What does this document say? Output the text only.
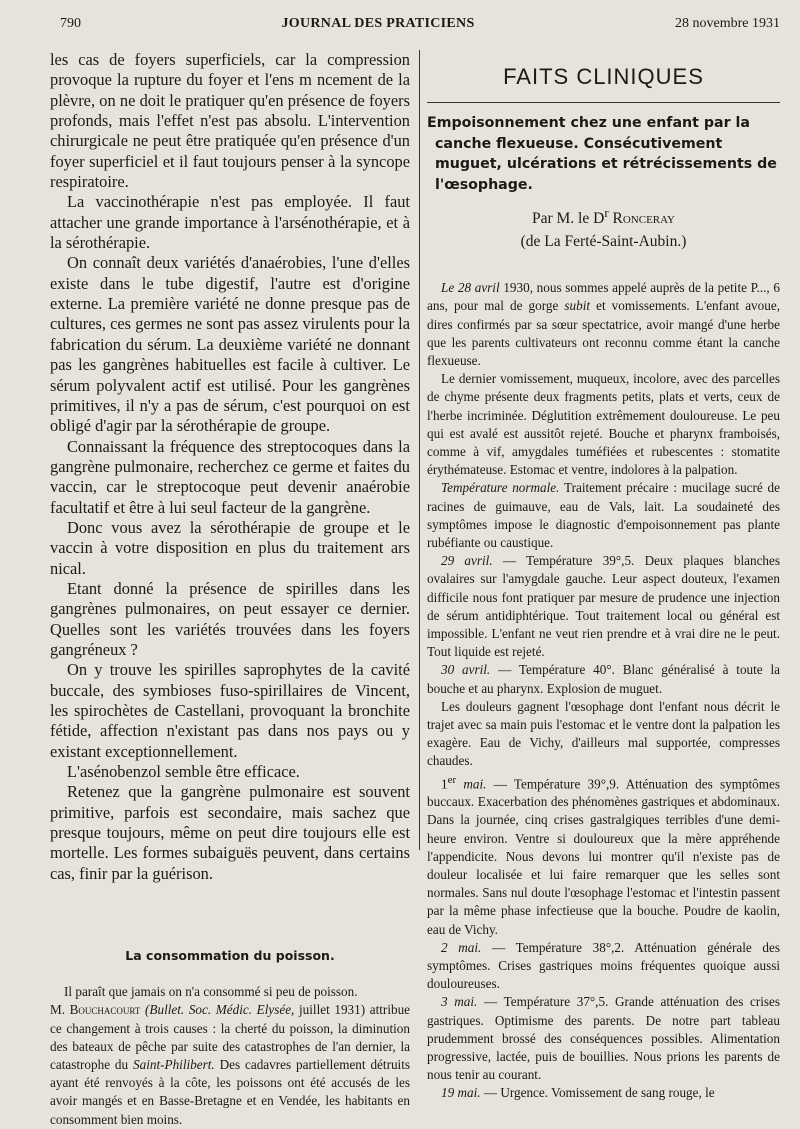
790	JOURNAL DES PRATICIENS	28 novembre 1931
les cas de foyers superficiels, car la compression provoque la rupture du foyer et l'ens m ncement de la plèvre, on ne doit le pratiquer qu'en présence de foyers profonds, mais l'effet n'est pas absolu. L'intervention chirurgicale ne peut être pratiquée qu'en présence d'un foyer superficiel et il faut toujours penser à la syncope respiratoire.
La vaccinothérapie n'est pas employée. Il faut attacher une grande importance à l'arsénothérapie, et à la sérothérapie.
On connaît deux variétés d'anaérobies, l'une d'elles existe dans le tube digestif, l'autre est d'origine externe. La première variété ne donne presque pas de cultures, ces germes ne sont pas assez virulents pour la fabrication du sérum. La deuxième variété ne donnant pas les gangrènes habituelles est facile à cultiver. Le sérum polyvalent actif est utilisé. Pour les gangrènes primitives, il n'y a pas de sérum, c'est pourquoi on est obligé d'agir par la sérothérapie de groupe.
Connaissant la fréquence des streptocoques dans la gangrène pulmonaire, recherchez ce germe et faites du vaccin, car le streptocoque peut devenir anaérobie facultatif et être à lui seul facteur de la gangrène.
Donc vous avez la sérothérapie de groupe et le vaccin à votre disposition en plus du traitement ars nical.
Etant donné la présence de spirilles dans les gangrènes pulmonaires, on peut essayer ce dernier. Quelles sont les variétés trouvées dans les foyers gangréneux ?
On y trouve les spirilles saprophytes de la cavité buccale, des symbioses fuso-spirillaires de Vincent, les spirochètes de Castellani, provoquant la bronchite fétide, affection n'existant pas dans nos pays ou y existant exceptionnellement.
L'asénobenzol semble être efficace.
Retenez que la gangrène pulmonaire est souvent primitive, parfois est secondaire, mais sachez que presque toujours, même on peut dire toujours elle est mortelle. Les formes subaiguës peuvent, dans certains cas, finir par la guérison.
La consommation du poisson.

Il paraît que jamais on n'a consommé si peu de poisson.

M. Bouchacourt (Bullet. Soc. Médic. Elysée, juillet 1931) attribue ce changement à trois causes : la cherté du poisson, la diminution des bateaux de pêche par suite des catastrophes de l'an dernier, la catastrophe du Saint-Philibert. Des cadavres partiellement détruits ayant été renvoyés à la côte, les poissons ont été accusés de les avoir mangés et en Basse-Bretagne et en Vendée, les habitants en consomment bien moins.

FAITS CLINIQUES
Empoisonnement chez une enfant par la canche flexueuse. Consécutivement muguet, ulcérations et rétrécissements de l'œsophage.
Par M. le $D^r$ Ronceray
(de La Ferté-Saint-Aubin.)

Le 28 avril 1930, nous sommes appelé auprès de la petite P..., 6 ans, pour mal de gorge subit et vomissements. L'enfant avoue, dires confirmés par sa sœur spectatrice, avoir mangé d'une herbe que les parents cultivateurs ont reconnu comme étant la canche flexueuse.

Le dernier vomissement, muqueux, incolore, avec des parcelles de chyme présente deux fragments petits, plats et verts, ceux de l'herbe incriminée. Déglutition extrêmement douloureuse. Le peu qui est avalé est aussitôt rejeté. Bouche et pharynx framboisés, comme à vif, amygdales tuméfiées et rubescentes : stomatite érythémateuse. Estomac et ventre, indolores à la palpation.

Température normale. Traitement précaire : mucilage sucré de racines de guimauve, eau de Vals, lait. La soudaineté des symptômes impose le diagnostic d'empoisonnement pas plante rubéfiante ou caustique.

29 avril. — Température 39°,5. Deux plaques blanches ovalaires sur l'amygdale gauche. Leur aspect douteux, l'examen difficile nous font pratiquer par mesure de prudence une injection de sérum antidiphtérique. Tout traitement local ou général est impossible. L'enfant ne veut rien prendre et à vrai dire ne le peut. Tout liquide est rejeté.

30 avril. — Température 40°. Blanc généralisé à toute la bouche et au pharynx. Explosion de muguet.

Les douleurs gagnent l'œsophage dont l'enfant nous décrit le trajet avec sa main puis l'estomac et le ventre dont la palpation les exagère. Eau de Vichy, d'ailleurs mal supportée, compresses chaudes.

1er mai. — Température 39°,9. Atténuation des symptômes buccaux. Exacerbation des phénomènes gastriques et abdominaux. Dans la journée, cinq crises gastralgiques terribles d'une demi-heure environ. Ventre si douloureux que la mère appréhende l'appendicite. Nous devons lui montrer qu'il n'existe pas de douleur localisée et lui faire remarquer que les selles sont normales. Sans nul doute l'œsophage l'estomac et l'intestin passent par la même phase infectieuse que la bouche. Poudre de kaolin, eau de Vichy.

2 mai. — Température 38°,2. Atténuation générale des symptômes. Crises gastriques moins fréquentes quoique aussi douloureuses.

3 mai. — Température 37°,5. Grande atténuation des crises gastriques. Optimisme des parents. De notre part tableau prudemment brossé des conséquences possibles. Alimentation progressive, lactée, puis de bouillies. Nous prions les parents de nous tenir au courant.

19 mai. — Urgence. Vomissement de sang rouge, le
